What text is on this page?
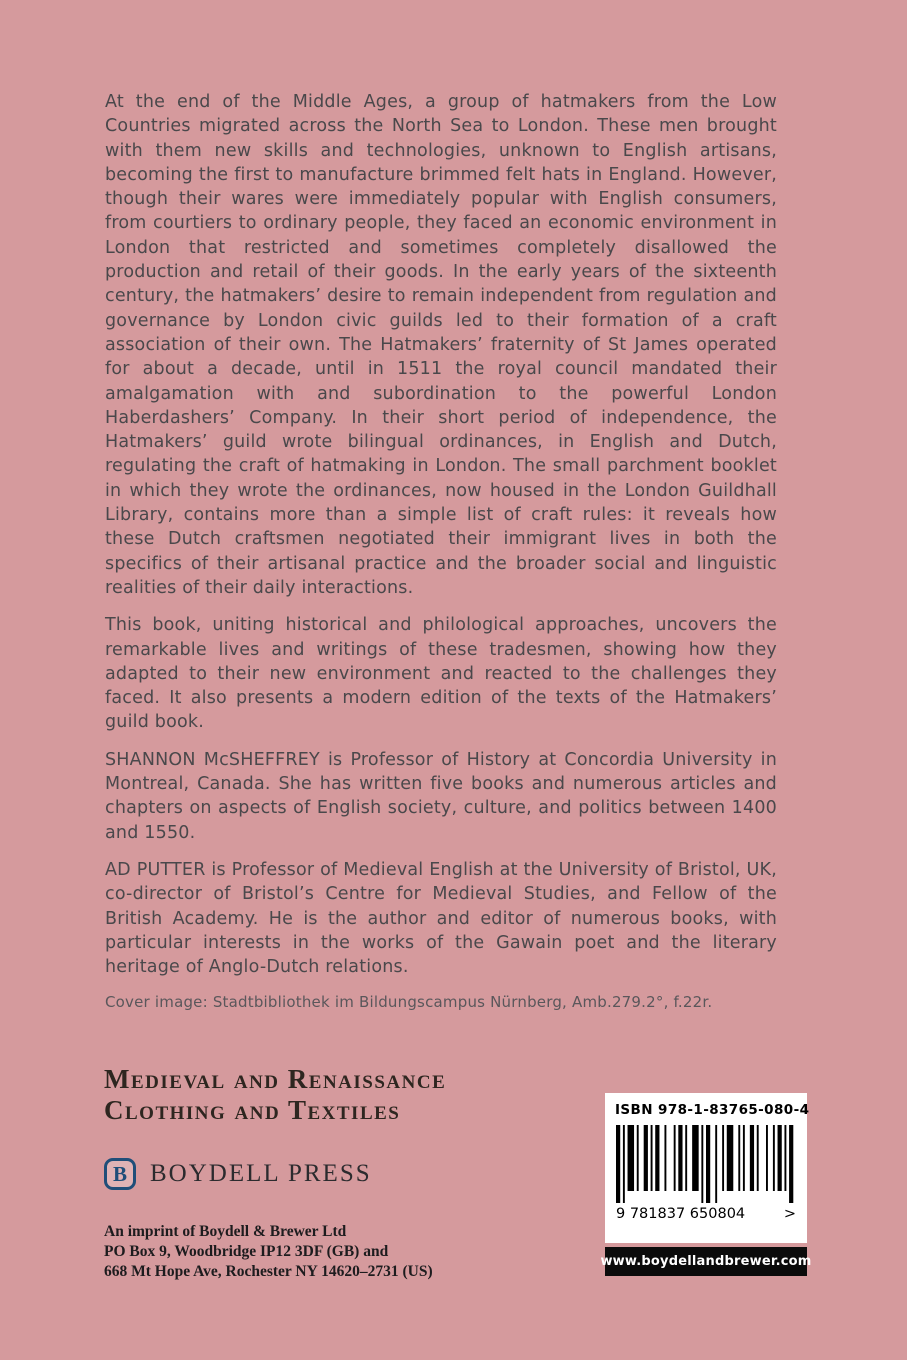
At the end of the Middle Ages, a group of hatmakers from the Low Countries migrated across the North Sea to London. These men brought with them new skills and technologies, unknown to English artisans, becoming the first to manufacture brimmed felt hats in England. However, though their wares were immediately popular with English consumers, from courtiers to ordinary people, they faced an economic environment in London that restricted and sometimes completely disallowed the production and retail of their goods. In the early years of the sixteenth century, the hatmakers’ desire to remain independent from regulation and governance by London civic guilds led to their formation of a craft association of their own. The Hatmakers’ fraternity of St James operated for about a decade, until in 1511 the royal council mandated their amalgamation with and subordination to the powerful London Haberdashers’ Company. In their short period of independence, the Hatmakers’ guild wrote bilingual ordinances, in English and Dutch, regulating the craft of hatmaking in London. The small parchment booklet in which they wrote the ordinances, now housed in the London Guildhall Library, contains more than a simple list of craft rules: it reveals how these Dutch craftsmen negotiated their immigrant lives in both the specifics of their artisanal practice and the broader social and linguistic realities of their daily interactions.

This book, uniting historical and philological approaches, uncovers the remarkable lives and writings of these tradesmen, showing how they adapted to their new environment and reacted to the challenges they faced. It also presents a modern edition of the texts of the Hatmakers’ guild book.

SHANNON McSHEFFREY is Professor of History at Concordia University in Montreal, Canada. She has written five books and numerous articles and chapters on aspects of English society, culture, and politics between 1400 and 1550.

AD PUTTER is Professor of Medieval English at the University of Bristol, UK, co-director of Bristol’s Centre for Medieval Studies, and Fellow of the British Academy. He is the author and editor of numerous books, with particular interests in the works of the Gawain poet and the literary heritage of Anglo-Dutch relations.

Cover image: Stadtbibliothek im Bildungscampus Nürnberg, Amb.279.2°, f.22r.
Medieval and Renaissance
Clothing and Textiles
B BOYDELL PRESS
An imprint of Boydell & Brewer Ltd
PO Box 9, Woodbridge IP12 3DF (GB) and
668 Mt Hope Ave, Rochester NY 14620–2731 (US)
ISBN 978-1-83765-080-4
9 781837 650804	>
www.boydellandbrewer.com
